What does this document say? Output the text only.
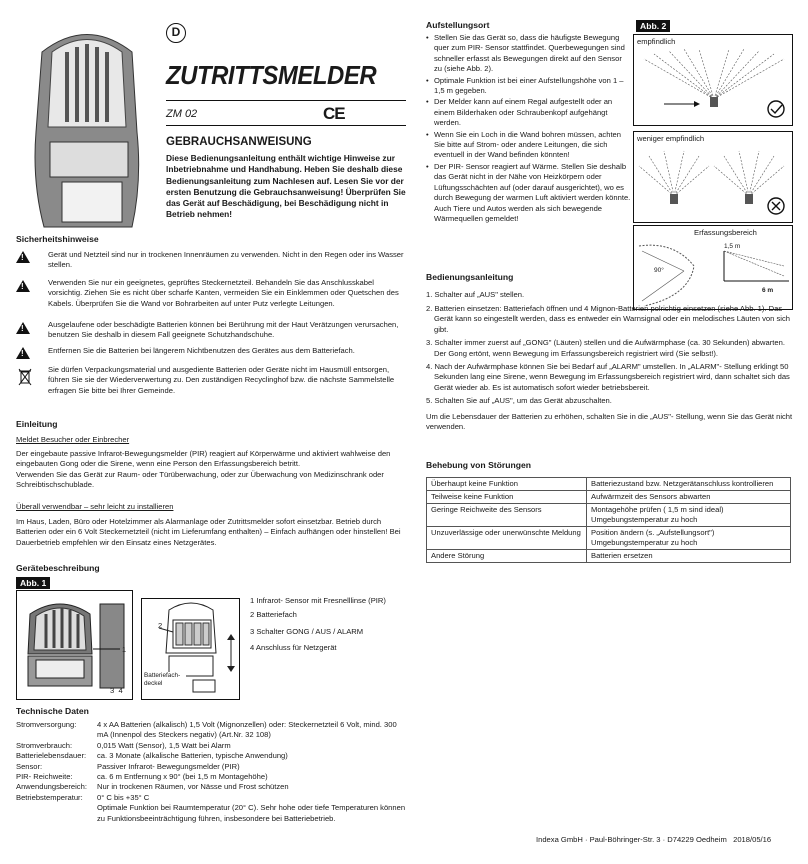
D
ZUTRITTSMELDER
ZM 02	CE
GEBRAUCHSANWEISUNG
Diese Bedienungsanleitung enthält wichtige Hinweise zur Inbetriebnahme und Handhabung. Heben Sie deshalb diese Bedienungsanleitung zum Nachlesen auf. Lesen Sie vor der ersten Benutzung die Gebrauchsanweisung! Überprüfen Sie das Gerät auf Beschädigung, bei Beschädigung nicht in Betrieb nehmen!
Sicherheitshinweise
!
Gerät und Netzteil sind nur in trockenen Innenräumen zu verwenden. Nicht in den Regen oder ins Wasser stellen.
!
Verwenden Sie nur ein geeignetes, geprüftes Steckernetzteil. Behandeln Sie das Anschlusskabel vorsichtig. Ziehen Sie es nicht über scharfe Kanten, vermeiden Sie ein Einklemmen oder Quetschen des Kabels. Überprüfen Sie die Wand vor Bohrarbeiten auf unter Putz verlegte Leitungen.
!
Ausgelaufene oder beschädigte Batterien können bei Berührung mit der Haut Verätzungen verursachen, benutzen Sie deshalb in diesem Fall geeignete Schutzhandschuhe.
!
Entfernen Sie die Batterien bei längerem Nichtbenutzen des Gerätes aus dem Batteriefach.
Sie dürfen Verpackungsmaterial und ausgediente Batterien oder Geräte nicht im Hausmüll entsorgen, führen Sie sie der Wiederverwertung zu. Den zuständigen Recyclinghof bzw. die nächste Sammelstelle erfragen Sie bitte bei Ihrer Gemeinde.
Einleitung
Meldet Besucher oder Einbrecher
Der eingebaute passive Infrarot-Bewegungsmelder (PIR) reagiert auf Körperwärme und aktiviert wahlweise den eingebauten Gong oder die Sirene, wenn eine Person den Erfassungsbereich betritt.
Verwenden Sie das Gerät zur Raum- oder Türüberwachung, oder zur Überwachung von Medizinschrank oder Schreibtischschublade.
Überall verwendbar – sehr leicht zu installieren
Im Haus, Laden, Büro oder Hotelzimmer als Alarmanlage oder Zutrittsmelder sofort einsetzbar. Betrieb durch Batterien oder ein 6 Volt Steckernetzteil (nicht im Lieferumfang enthalten) – Einfach aufhängen oder hinstellen! Bei Dauerbetrieb empfehlen wir den Einsatz eines Netzgerätes.
Gerätebeschreibung
Abb. 1
1
3  4
2
Batteriefach-deckel
1 Infrarot- Sensor mit Fresnelllinse (PIR)
2 Batteriefach
3 Schalter GONG / AUS / ALARM
4 Anschluss für Netzgerät
Technische Daten
Stromversorgung:	4 x AA Batterien (alkalisch) 1,5 Volt (Mignonzellen) oder: Steckernetzteil 6 Volt, mind. 300 mA (Innenpol des Steckers negativ) (Art.Nr. 32 108)
Stromverbrauch:	0,015 Watt (Sensor), 1,5 Watt bei Alarm
Batterielebensdauer:	ca. 3 Monate (alkalische Batterien, typische Anwendung)
Sensor:	Passiver Infrarot- Bewegungsmelder (PIR)
PIR- Reichweite:	ca. 6 m Entfernung x 90° (bei 1,5 m Montagehöhe)
Anwendungsbereich:	Nur in trockenen Räumen, vor Nässe und Frost schützen
Betriebstemperatur:	0° C bis +35° C
Optimale Funktion bei Raumtemperatur (20° C). Sehr hohe oder tiefe Temperaturen können zu Funktionsbeeinträchtigung führen, insbesondere bei Batteriebetrieb.
Aufstellungsort
• Stellen Sie das Gerät so, dass die häufigste Bewegung quer zum PIR- Sensor stattfindet. Querbewegungen sind schneller erfasst als Bewegungen direkt auf den Sensor zu (siehe Abb. 2).
• Optimale Funktion ist bei einer Aufstellungshöhe von 1 – 1,5 m gegeben.
• Der Melder kann auf einem Regal aufgestellt oder an einem Bilderhaken oder Schraubenkopf aufgehängt werden.
• Wenn Sie ein Loch in die Wand bohren müssen, achten Sie bitte auf Strom- oder andere Leitungen, die sich eventuell in der Wand befinden könnten!
• Der PIR- Sensor reagiert auf Wärme. Stellen Sie deshalb das Gerät nicht in der Nähe von Heizkörpern oder Lüftungsschächten auf (oder darauf ausgerichtet), wo es durch Bewegung der warmen Luft aktiviert werden könnte. Auch Tiere und Autos werden als sich bewegende Wärmequellen gemeldet!
Abb. 2
empfindlich
weniger empfindlich
Erfassungsbereich
1,5 m
90°
6 m
Bedienungsanleitung
1. Schalter auf „AUS" stellen.
2. Batterien einsetzen: Batteriefach öffnen und 4 Mignon-Batterien polrichtig einsetzen (siehe Abb. 1). Das Gerät kann so eingestellt werden, dass es entweder ein Warnsignal oder ein melodisches Läuten von sich gibt.
3. Schalter immer zuerst auf „GONG" (Läuten) stellen und die Aufwärmphase (ca. 30 Sekunden) abwarten. Der Gong ertönt, wenn Bewegung im Erfassungsbereich registriert wird (Sie selbst!).
4. Nach der Aufwärmphase können Sie bei Bedarf auf „ALARM" umstellen. In „ALARM"- Stellung erklingt 50 Sekunden lang eine Sirene, wenn Bewegung im Erfassungsbereich registriert wird, dann schaltet sich das Gerät wieder ab. Es ist automatisch sofort wieder betriebsbereit.
5. Schalten Sie auf „AUS", um das Gerät abzuschalten.
Um die Lebensdauer der Batterien zu erhöhen, schalten Sie in die „AUS"- Stellung, wenn Sie das Gerät nicht verwenden.
Behebung von Störungen
Überhaupt keine Funktion	Batteriezustand bzw. Netzgerätanschluss kontrollieren
Teilweise keine Funktion	Aufwärmzeit des Sensors abwarten
Geringe Reichweite des Sensors	Montagehöhe prüfen ( 1,5 m sind ideal) Umgebungstemperatur zu hoch
Unzuverlässige oder unerwünschte Meldung	Position ändern (s. „Aufstellungsort") Umgebungstemperatur zu hoch
Andere Störung	Batterien ersetzen
Indexa GmbH · Paul-Böhringer-Str. 3 · D74229 Oedheim   2018/05/16
